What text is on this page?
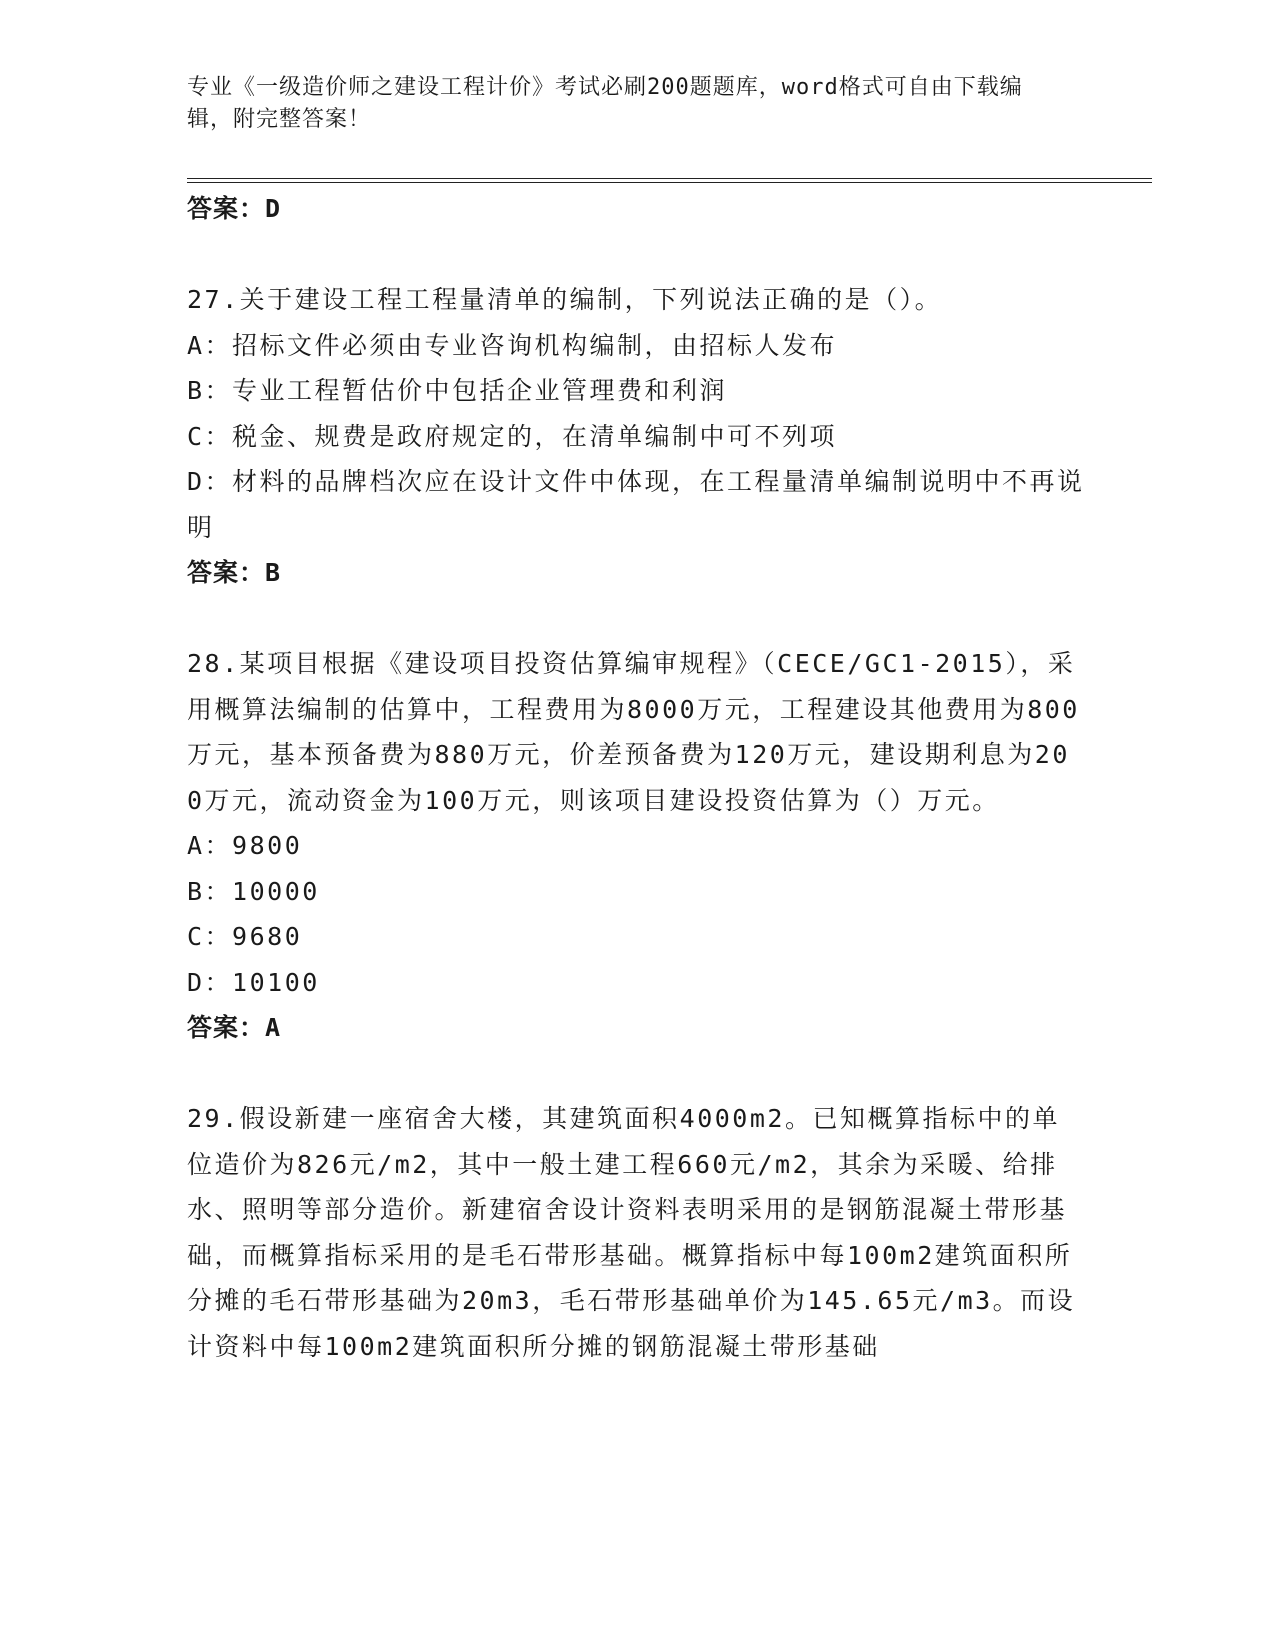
专业《一级造价师之建设工程计价》考试必刷200题题库，word格式可自由下载编辑，附完整答案！
答案：D
27.关于建设工程工程量清单的编制，下列说法正确的是（）。
A：招标文件必须由专业咨询机构编制，由招标人发布
B：专业工程暂估价中包括企业管理费和利润
C：税金、规费是政府规定的，在清单编制中可不列项
D：材料的品牌档次应在设计文件中体现，在工程量清单编制说明中不再说明
答案：B
28.某项目根据《建设项目投资估算编审规程》（CECE/GC1-2015），采用概算法编制的估算中，工程费用为8000万元，工程建设其他费用为800万元，基本预备费为880万元，价差预备费为120万元，建设期利息为200万元，流动资金为100万元，则该项目建设投资估算为（）万元。
A：9800
B：10000
C：9680
D：10100
答案：A
29.假设新建一座宿舍大楼，其建筑面积4000m2。已知概算指标中的单位造价为826元/m2，其中一般土建工程660元/m2，其余为采暖、给排水、照明等部分造价。新建宿舍设计资料表明采用的是钢筋混凝土带形基础，而概算指标采用的是毛石带形基础。概算指标中每100m2建筑面积所分摊的毛石带形基础为20m3，毛石带形基础单价为145.65元/m3。而设计资料中每100m2建筑面积所分摊的钢筋混凝土带形基础
